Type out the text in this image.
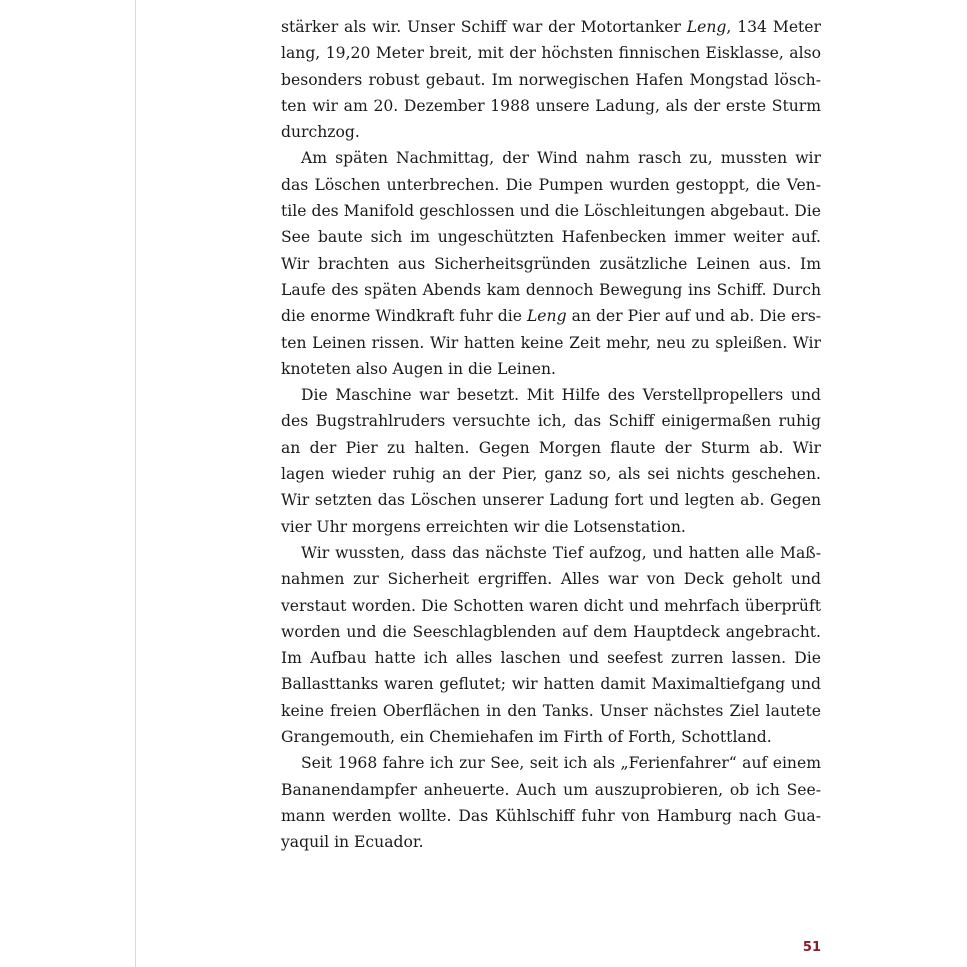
stärker als wir. Unser Schiff war der Motortanker Leng, 134 Meter lang, 19,20 Meter breit, mit der höchsten finnischen Eisklasse, also besonders robust gebaut. Im norwegischen Hafen Mongstad löschten wir am 20. Dezember 1988 unsere Ladung, als der erste Sturm durchzog.

Am späten Nachmittag, der Wind nahm rasch zu, mussten wir das Löschen unterbrechen. Die Pumpen wurden gestoppt, die Ventile des Manifold geschlossen und die Löschleitungen abgebaut. Die See baute sich im ungeschützten Hafenbecken immer weiter auf. Wir brachten aus Sicherheitsgründen zusätzliche Leinen aus. Im Laufe des späten Abends kam dennoch Bewegung ins Schiff. Durch die enorme Windkraft fuhr die Leng an der Pier auf und ab. Die ersten Leinen rissen. Wir hatten keine Zeit mehr, neu zu spleißen. Wir knoteten also Augen in die Leinen.

Die Maschine war besetzt. Mit Hilfe des Verstellpropellers und des Bugstrahlruders versuchte ich, das Schiff einigermaßen ruhig an der Pier zu halten. Gegen Morgen flaute der Sturm ab. Wir lagen wieder ruhig an der Pier, ganz so, als sei nichts geschehen. Wir setzten das Löschen unserer Ladung fort und legten ab. Gegen vier Uhr morgens erreichten wir die Lotsenstation.

Wir wussten, dass das nächste Tief aufzog, und hatten alle Maßnahmen zur Sicherheit ergriffen. Alles war von Deck geholt und verstaut worden. Die Schotten waren dicht und mehrfach überprüft worden und die Seeschlagblenden auf dem Hauptdeck angebracht. Im Aufbau hatte ich alles laschen und seefest zurren lassen. Die Ballasttanks waren geflutet; wir hatten damit Maximaltiefgang und keine freien Oberflächen in den Tanks. Unser nächstes Ziel lautete Grangemouth, ein Chemiehafen im Firth of Forth, Schottland.

Seit 1968 fahre ich zur See, seit ich als „Ferienfahrer“ auf einem Bananendampfer anheuerte. Auch um auszuprobieren, ob ich Seemann werden wollte. Das Kühlschiff fuhr von Hamburg nach Guayaquil in Ecuador.

51
